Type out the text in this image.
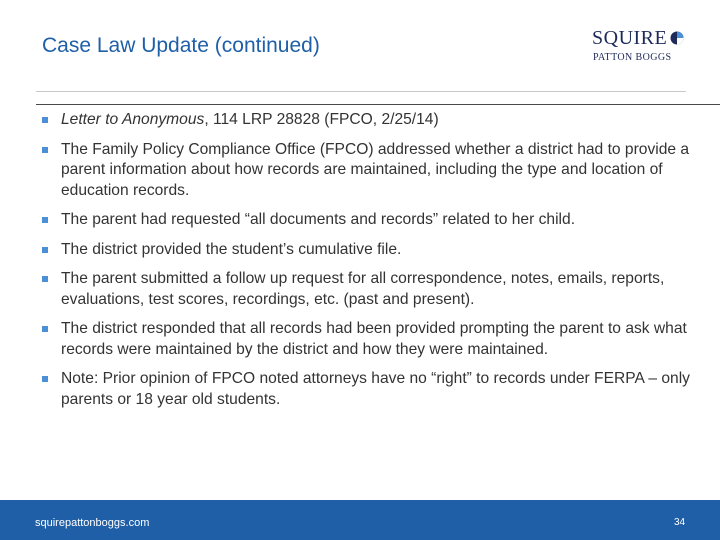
Case Law Update (continued)	SQUIRE
PATTON BOGGS
Letter to Anonymous, 114 LRP 28828 (FPCO, 2/25/14)
The Family Policy Compliance Office (FPCO) addressed whether a district had to provide a parent information about how records are maintained, including the type and location of education records.
The parent had requested “all documents and records” related to her child.
The district provided the student’s cumulative file.
The parent submitted a follow up request for all correspondence, notes, emails, reports, evaluations, test scores, recordings, etc. (past and present).
The district responded that all records had been provided prompting the parent to ask what records were maintained by the district and how they were maintained.
Note: Prior opinion of FPCO noted attorneys have no “right” to records under FERPA – only parents or 18 year old students.
squirepattonboggs.com	34
